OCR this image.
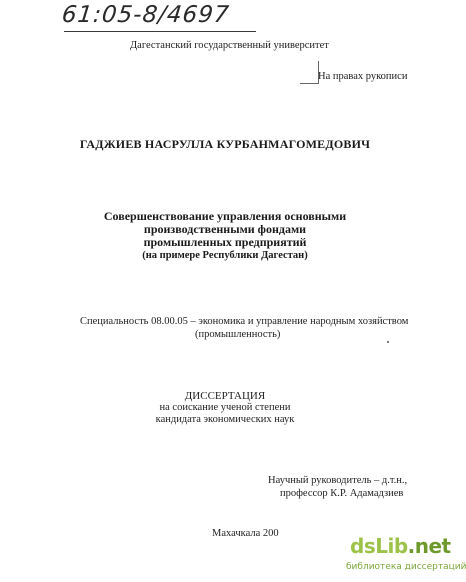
61:05-8/4697
Дагестанский государственный университет
На правах рукописи
ГАДЖИЕВ НАСРУЛЛА КУРБАНМАГОМЕДОВИЧ
Совершенствование управления основными
производственными фондами
промышленных предприятий
(на примере Республики Дагестан)
Специальность 08.00.05 – экономика и управление народным хозяйством
(промышленность)
ДИССЕРТАЦИЯ
на соискание ученой степени
кандидата экономических наук
Научный руководитель – д.т.н.,
профессор К.Р. Адамадзиев
Махачкала 200
dsLib.net
библиотека диссертаций
